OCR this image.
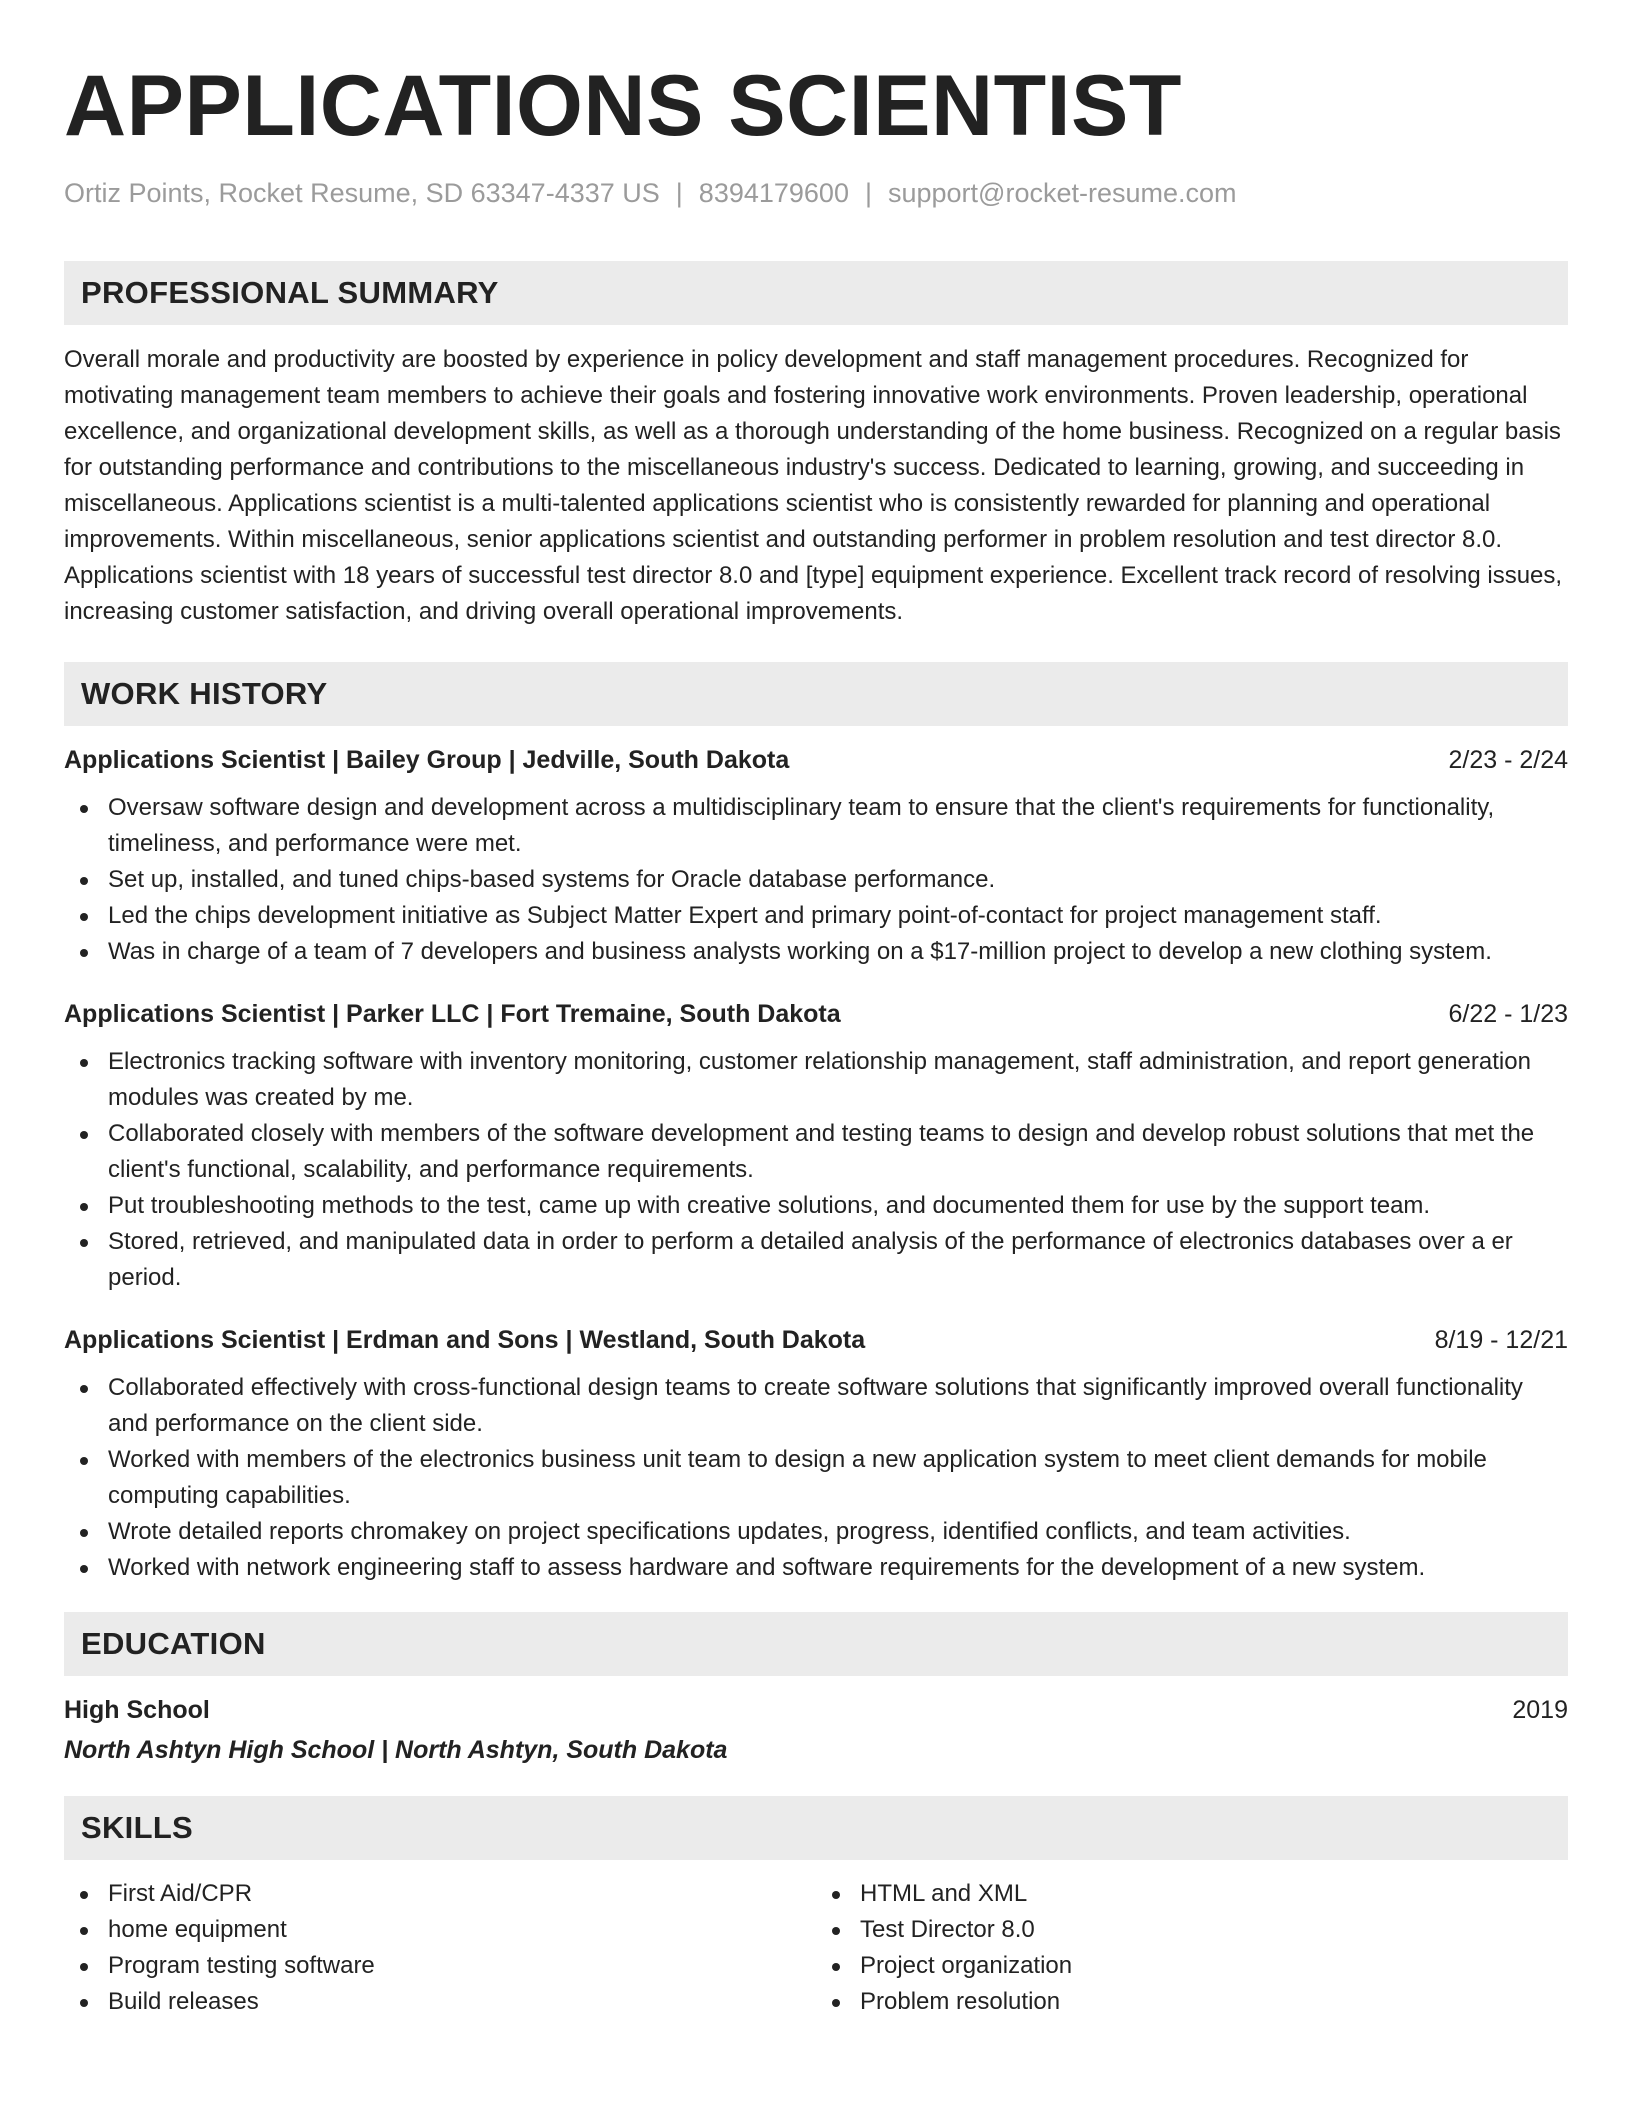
APPLICATIONS SCIENTIST
Ortiz Points, Rocket Resume, SD 63347-4337 US | 8394179600 | support@rocket-resume.com
PROFESSIONAL SUMMARY
Overall morale and productivity are boosted by experience in policy development and staff management procedures. Recognized for motivating management team members to achieve their goals and fostering innovative work environments. Proven leadership, operational excellence, and organizational development skills, as well as a thorough understanding of the home business. Recognized on a regular basis for outstanding performance and contributions to the miscellaneous industry's success. Dedicated to learning, growing, and succeeding in miscellaneous. Applications scientist is a multi-talented applications scientist who is consistently rewarded for planning and operational improvements. Within miscellaneous, senior applications scientist and outstanding performer in problem resolution and test director 8.0. Applications scientist with 18 years of successful test director 8.0 and [type] equipment experience. Excellent track record of resolving issues, increasing customer satisfaction, and driving overall operational improvements.
WORK HISTORY
Applications Scientist | Bailey Group | Jedville, South Dakota	2/23 - 2/24
Oversaw software design and development across a multidisciplinary team to ensure that the client's requirements for functionality, timeliness, and performance were met.
Set up, installed, and tuned chips-based systems for Oracle database performance.
Led the chips development initiative as Subject Matter Expert and primary point-of-contact for project management staff.
Was in charge of a team of 7 developers and business analysts working on a $17-million project to develop a new clothing system.
Applications Scientist | Parker LLC | Fort Tremaine, South Dakota	6/22 - 1/23
Electronics tracking software with inventory monitoring, customer relationship management, staff administration, and report generation modules was created by me.
Collaborated closely with members of the software development and testing teams to design and develop robust solutions that met the client's functional, scalability, and performance requirements.
Put troubleshooting methods to the test, came up with creative solutions, and documented them for use by the support team.
Stored, retrieved, and manipulated data in order to perform a detailed analysis of the performance of electronics databases over a er period.
Applications Scientist | Erdman and Sons | Westland, South Dakota	8/19 - 12/21
Collaborated effectively with cross-functional design teams to create software solutions that significantly improved overall functionality and performance on the client side.
Worked with members of the electronics business unit team to design a new application system to meet client demands for mobile computing capabilities.
Wrote detailed reports chromakey on project specifications updates, progress, identified conflicts, and team activities.
Worked with network engineering staff to assess hardware and software requirements for the development of a new system.
EDUCATION
High School	2019
North Ashtyn High School | North Ashtyn, South Dakota
SKILLS
First Aid/CPR
home equipment
Program testing software
Build releases
HTML and XML
Test Director 8.0
Project organization
Problem resolution
